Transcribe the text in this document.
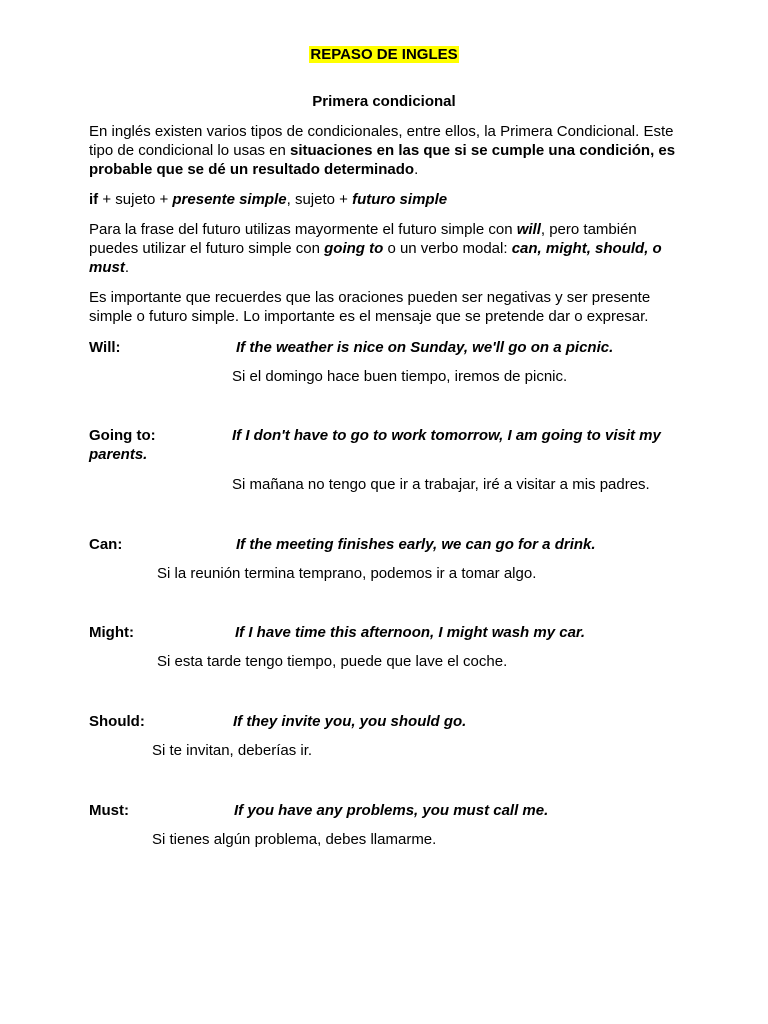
REPASO DE INGLES
Primera condicional
En inglés existen varios tipos de condicionales, entre ellos, la Primera Condicional. Este tipo de condicional lo usas en situaciones en las que si se cumple una condición, es probable que se dé un resultado determinado.
if + sujeto + presente simple, sujeto + futuro simple
Para la frase del futuro utilizas mayormente el futuro simple con will, pero también puedes utilizar el futuro simple con going to o un verbo modal: can, might, should, o must.
Es importante que recuerdes que las oraciones pueden ser negativas y ser presente simple o futuro simple. Lo importante es el mensaje que se pretende dar o expresar.
Will:	If the weather is nice on Sunday, we'll go on a picnic.
Si el domingo hace buen tiempo, iremos de picnic.
Going to:	If I don't have to go to work tomorrow, I am going to visit my
parents.
Si mañana no tengo que ir a trabajar, iré a visitar a mis padres.
Can:	If the meeting finishes early, we can go for a drink.
Si la reunión termina temprano, podemos ir a tomar algo.
Might:	If I have time this afternoon, I might wash my car.
Si esta tarde tengo tiempo, puede que lave el coche.
Should:	If they invite you, you should go.
Si te invitan, deberías ir.
Must:	If you have any problems, you must call me.
Si tienes algún problema, debes llamarme.
